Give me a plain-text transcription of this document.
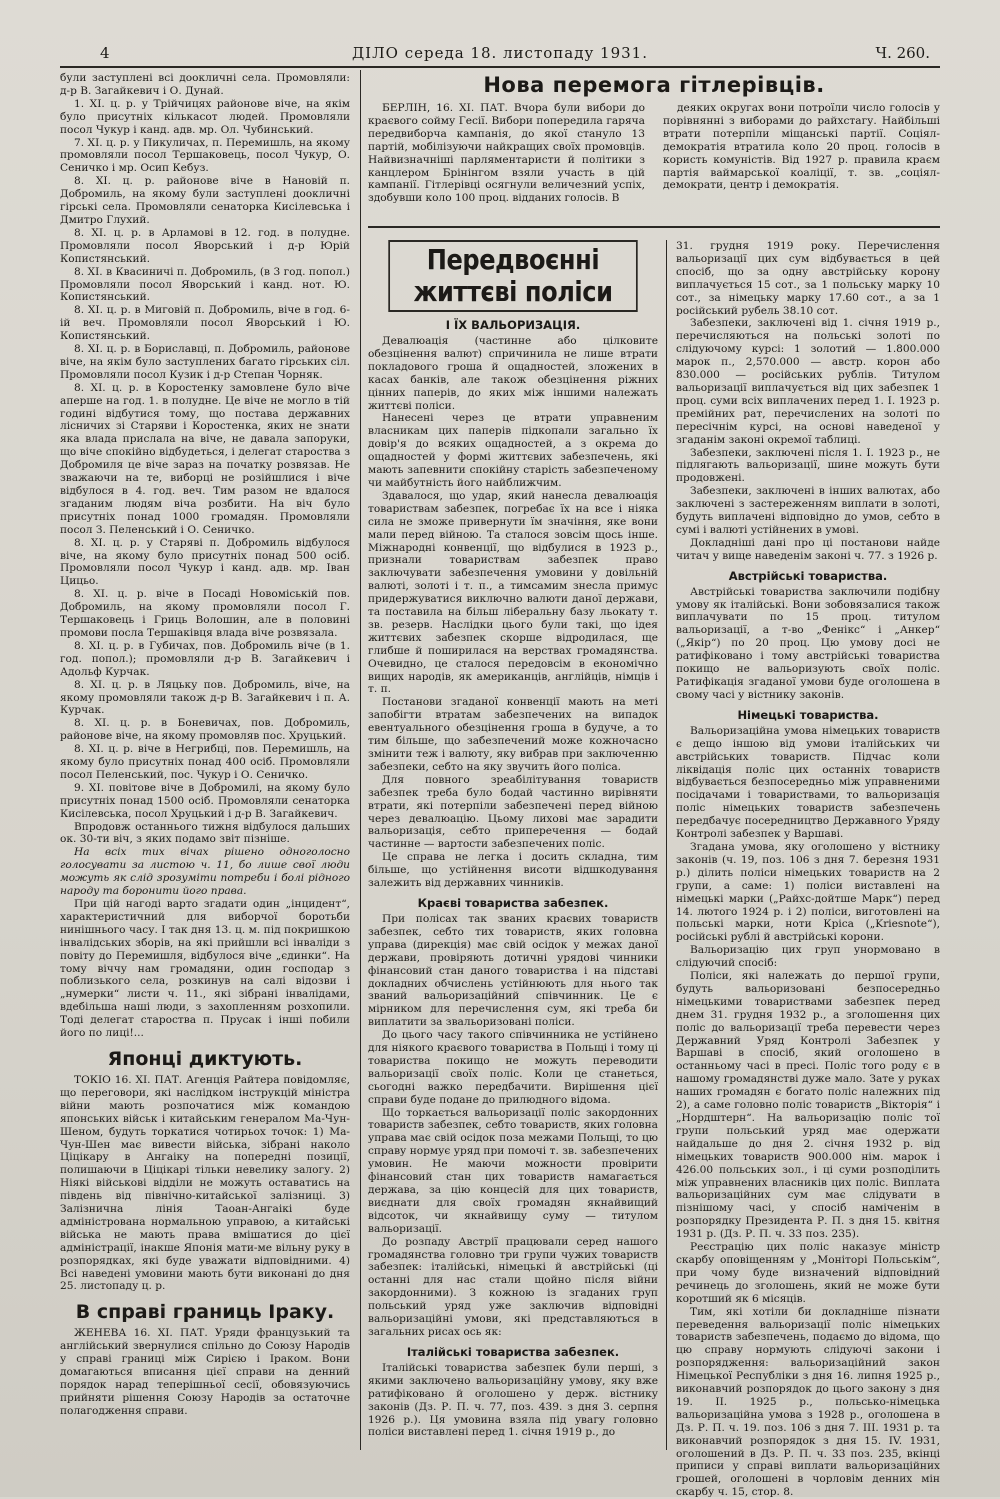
4	ДІЛО середа 18. листопаду 1931.	Ч. 260.

були заступлені всі доокличні села. Промовляли: д-р В. Загайкевич і О. Дунай.

1. XI. ц. р. у Трійчицях районове віче, на якім було присутніх кількасот людей. Промовляли посол Чукур і канд. адв. мр. Ол. Чубинський.

7. XI. ц. р. у Пикуличах, п. Перемишль, на якому промовляли посол Тершаковець, посол Чукур, О. Сеничко і мр. Осип Кебуз.

8. XI. ц. р. районове віче в Нановій п. Добромиль, на якому були заступлені доокличні гірські села. Промовляли сенаторка Кисілевська і Дмитро Глухий.

8. XI. ц. р. в Арламові в 12. год. в полудне. Промовляли посол Яворський і д-р Юрій Копистянський.

8. XI. в Квасиничі п. Добромиль, (в 3 год. попол.) Промовляли посол Яворський і канд. нот. Ю. Копистянський.

8. XI. ц. р. в Миговій п. Добромиль, віче в год. 6-ій веч. Промовляли посол Яворський і Ю. Копистянський.

8. XI. ц. р. в Бориславці, п. Добромиль, районове віче, на якім було заступлених багато гірських сіл. Промовляли посол Кузик і д-р Степан Чорняк.

8. XI. ц. р. в Коростенку замовлене було віче аперше на год. 1. в полудне. Це віче не могло в тій годині відбутися тому, що постава державних лісничих зі Старяви і Коростенка, яких не знати яка влада прислала на віче, не давала запоруки, що віче спокійно відбудеться, і делегат староства з Добромиля це віче зараз на початку розвязав. Не зважаючи на те, виборці не розійшлися і віче відбулося в 4. год. веч. Тим разом не вдалося згаданим людям віча розбити. На віч було присутніх понад 1000 громадян. Промовляли посол З. Пеленський і О. Сеничко.

8. XI. ц. р. у Старяві п. Добромиль відбулося віче, на якому було присутніх понад 500 осіб. Промовляли посол Чукур і канд. адв. мр. Іван Цицьо.

8. XI. ц. р. віче в Посаді Новоміській пов. Добромиль, на якому промовляли посол Г. Тершаковець і Гриць Волошин, але в половині промови посла Тершаківця влада віче розвязала.

8. XI. ц. р. в Губичах, пов. Добромиль віче (в 1. год. попол.); промовляли д-р В. Загайкевич і Адольф Курчак.

8. XI. ц. р. в Ляцьку пов. Добромиль, віче, на якому промовляли також д-р В. Загайкевич і п. А. Курчак.

8. XI. ц. р. в Боневичах, пов. Добромиль, районове віче, на якому промовляв пос. Хруцький.

8. XI. ц. р. віче в Негрибці, пов. Перемишль, на якому було присутніх понад 400 осіб. Промовляли посол Пеленський, пос. Чукур і О. Сеничко.

9. XI. повітове віче в Добромилі, на якому було присутніх понад 1500 осіб. Промовляли сенаторка Кисілевська, посол Хруцький і д-р В. Загайкевич.

Впродовж останнього тижня відбулося дальших ок. 30-ти віч, з яких подамо звіт пізніше.

На всіх тих вічах рішено одноголосно голосувати за листою ч. 11, бо лише свої люди можуть як слід зрозуміти потреби і болі рідного народу та боронити його права.

При цій нагоді варто згадати один „інцидент“, характеристичний для виборчої боротьби нинішнього часу. І так дня 13. ц. м. під покришкою інвалідських зборів, на які прийшли всі інваліди з повіту до Перемишля, відбулося віче „єдинки“. На тому віччу нам громадяни, один господар з поблизького села, розкинув на салі відозви і „нумерки“ листи ч. 11., які зібрані інвалідами, вдебільша наші люди, з захопленням розхопили. Тоді делегат староства п. Прусак і інші побили його по лиці!...

Японці диктують.

ТОКІО 16. XI. ПАТ. Агенція Райтера повідомляє, що переговори, які наслідком інструкцій міністра війни мають розпочатися між командою японських військ і китайським генералом Ма-Чун-Шеном, будуть торкатися чотирьох точок: 1) Ма-Чун-Шен має вивести війська, зібрані наколо Ціцікару в Ангаіку на попередні позиції, полишаючи в Ціцікарі тільки невелику залогу. 2) Ніякі військові відділи не можуть оставатись на південь від північно-китайської залізниці. 3) Залізнична лінія Таоан-Ангаікі буде адміністрована нормальною управою, а китайські війська не мають права вмішатися до цієї адміністрації, інакше Японія мати-ме вільну руку в розпорядках, які буде уважати відповідними. 4) Всі наведені умовини мають бути виконані до дня 25. листопаду ц. р.

В справі границь Іраку.

ЖЕНЕВА 16. XI. ПАТ. Уряди французький та англійський звернулися спільно до Союзу Народів у справі границі між Сирією і Іраком. Вони домагаються вписання цієї справи на денний порядок нарад теперішньої сесії, обовязуючись прийняти рішення Союзу Народів за остаточне полагодження справи.

Нова перемога гітлерівців.

БЕРЛІН, 16. XI. ПАТ. Вчора були вибори до краєвого сойму Гесії. Вибори попередила гаряча передвиборча кампанія, до якої стануло 13 партій, мобілізуючи найкращих своїх промовців. Найвизначніші парляментаристи й політики з канцлером Брінінгом взяли участь в цій кампанії. Гітлерівці осягнули величезний успіх, здобувши коло 100 проц. відданих голосів. В

деяких округах вони потроїли число голосів у порівнянні з виборами до райхстагу. Найбільші втрати потерпіли міщанські партії. Соціял-демократія втратила коло 20 проц. голосів в користь комуністів. Від 1927 р. правила краєм партія ваймарської коаліції, т. зв. „соціял-демократи, центр і демократія.

Передвоєнні життєві поліси
І ЇХ ВАЛЬОРИЗАЦІЯ.

Девалюація (частинне або цілковите обезцінення валют) спричинила не лише втрати покладового гроша й ощадностей, зложених в касах банків, але також обезцінення ріжних цінних паперів, до яких між іншими належать життєві поліси.

Нанесені через це втрати управненим власникам цих паперів підкопали загально їх довір'я до всяких ощадностей, а з окрема до ощадностей у формі життєвих забезпечень, які мають запевнити спокійну старість забезпеченому чи майбутність його найближчим.

Здавалося, що удар, який нанесла девалюація товариствам забезпек, погребає їх на все і ніяка сила не зможе привернути їм значіння, яке вони мали перед війною. Та сталося зовсім щось інше. Міжнародні конвенції, що відбулися в 1923 р., признали товариствам забезпек право заключувати забезпечення умовини у довільній валюті, золоті і т. п., а тимсамим знесла примус придержуватися виключно валюти даної держави, та поставила на більш ліберальну базу льокату т. зв. резерв. Наслідки цього були такі, що ідея життєвих забезпек скорше відродилася, ще глибше й поширилася на верствах громадянства. Очевидно, це сталося передовсім в економічно вищих народів, як американців, англійців, німців і т. п.

Постанови згаданої конвенції мають на меті запобігти втратам забезпечених на випадок евентуального обезцінення гроша в будуче, а то тим більше, що забезпечений може кожночасно змінити теж і валюту, яку вибрав при заключенню забезпеки, себто на яку звучить його поліса.

Для повного зреабілітування товариств забезпек треба було бодай частинно вирівняти втрати, які потерпіли забезпечені перед війною через девалюацію. Цьому лихові має зарадити вальоризація, себто приперечення — бодай частинне — вартости забезпечених поліс.

Це справа не легка і досить складна, тим більше, що устійнення висоти відшкодування залежить від державних чинників.

Краєві товариства забезпек.

При полісах так званих краєвих товариств забезпек, себто тих товариств, яких головна управа (дирекція) має свій осідок у межах даної держави, провіряють дотичні урядові чинники фінансовий стан даного товариства і на підставі докладних обчислень устійнюють для нього так званий вальоризаційний співчинник. Це є мірником для перечислення сум, які треба би виплатити за звальоризовані поліси.

До цього часу такого співчинника не устійнено для ніякого краєвого товариства в Польщі і тому ці товариства покищо не можуть переводити вальоризації своїх поліс. Коли це станеться, сьогодні важко передбачити. Вирішення цієї справи буде подане до прилюдного відома.

Що торкається вальоризації поліс закордонних товариств забезпек, себто товариств, яких головна управа має свій осідок поза межами Польщі, то цю справу нормує уряд при помочі т. зв. забезпечених умовин. Не маючи можности провірити фінансовий стан цих товариств намагається держава, за цію концесій для цих товариств, виєднати для своїх громадян якнайвищий відсоток, чи якнайвищу суму — титулом вальоризації.

До розпаду Австрії працювали серед нашого громадянства головно три групи чужих товариств забезпек: італійські, німецькі й австрійські (ці останні для нас стали щойно після війни закордонними). З кожною із згаданих груп польський уряд уже заключив відповідні вальоризаційні умови, які представляються в загальних рисах ось як:

Італійські товариства забезпек.

Італійські товариства забезпек були перші, з якими заключено вальоризаційну умову, яку вже ратифіковано й оголошено у держ. вістнику законів (Дз. Р. П. ч. 77, поз. 439. з дня 3. серпня 1926 р.). Ця умовина взяла під увагу головно поліси виставлені перед 1. січня 1919 р., до

31. грудня 1919 року. Перечислення вальоризації цих сум відбувається в цей спосіб, що за одну австрійську корону виплачується 15 сот., за 1 польську марку 10 сот., за німецьку марку 17.60 сот., а за 1 російський рубель 38.10 сот.

Забезпеки, заключені від 1. січня 1919 р., перечисляються на польські золоті по слідуючому курсі: 1 золотий — 1.800.000 марок п., 2,570.000 — австр. корон або 830.000 — російських рублів. Титулом вальоризації виплачується від цих забезпек 1 проц. суми всіх виплачених перед 1. I. 1923 р. премійних рат, перечислених на золоті по пересічнім курсі, на основі наведеної у згаданім законі окремої таблиці.

Забезпеки, заключені після 1. I. 1923 р., не підлягають вальоризації, шине можуть бути продовжені.

Забезпеки, заключені в інших валютах, або заключені з застереженням виплати в золоті, будуть виплачені відповідно до умов, себто в сумі і валюті устійнених в умові.

Докладніші дані про ці постанови найде читач у вище наведенім законі ч. 77. з 1926 р.

Австрійські товариства.

Австрійські товариства заключили подібну умову як італійські. Вони зобовязалися також виплачувати по 15 проц. титулом вальоризації, а т-во „Фенікс“ і „Анкер“ („Якір“) по 20 проц. Цю умову досі не ратифіковано і тому австрійські товариства покищо не вальоризують своїх поліс. Ратифікація згаданої умови буде оголошена в свому часі у вістнику законів.

Німецькі товариства.

Вальоризаційна умова німецьких товариств є дещо іншою від умови італійських чи австрійських товариств. Підчас коли ліквідація поліс цих останніх товариств відбувається безпосередньо між управненими посідачами і товариствами, то вальоризація поліс німецьких товариств забезпечень передбачує посередництво Державного Уряду Контролі забезпек у Варшаві.

Згадана умова, яку оголошено у вістнику законів (ч. 19, поз. 106 з дня 7. березня 1931 р.) ділить поліси німецьких товариств на 2 групи, а саме: 1) поліси виставлені на німецькі марки („Райхс-дойтше Марк“) перед 14. лютого 1924 р. і 2) поліси, виготовлені на польські марки, ноти Кріса („Kriesnote“), російські рублі й австрійські корони.

Вальоризацію цих груп унормовано в слідуючий спосіб:

Поліси, які належать до першої групи, будуть вальоризовані безпосередньо німецькими товариствами забезпек перед днем 31. грудня 1932 р., а зголошення цих поліс до вальоризації треба перевести через Державний Уряд Контролі Забезпек у Варшаві в спосіб, який оголошено в останньому часі в пресі. Поліс того роду є в нашому громадянстві дуже мало. Зате у руках наших громадян є богато поліс належних під 2), а саме головно поліс товариств „Вікторія“ і „Нордштерн“. На вальоризацію поліс тої групи польський уряд має одержати найдальше до дня 2. січня 1932 р. від німецьких товариств 900.000 нім. марок і 426.00 польських зол., і ці суми розподілить між управнених власників цих поліс. Виплата вальоризаційних сум має слідувати в пізнішому часі, у спосіб наміченім в розпорядку Президента Р. П. з дня 15. квітня 1931 р. (Дз. Р. П. ч. 33 поз. 235).

Реєстрацію цих поліс наказує міністр скарбу оповіщенням у „Моніторі Польськім“, при чому буде визначений відповідний речинець до зголошень, який не може бути коротший як 6 місяців.

Тим, які хотіли би докладніше пізнати переведення вальоризації поліс німецьких товариств забезпечень, подаємо до відома, що цю справу нормують слідуючі закони і розпорядження: вальоризаційний закон Німецької Республіки з дня 16. липня 1925 р., виконавчий розпорядок до цього закону з дня 19. II. 1925 р., польсько-німецька вальоризаційна умова з 1928 р., оголошена в Дз. Р. П. ч. 19. поз. 106 з дня 7. III. 1931 р. та виконавчий розпорядок з дня 15. IV. 1931, оголошений в Дз. Р. П. ч. 33 поз. 235, вкінці приписи у справі виплати вальоризаційних грошей, оголошені в чорловім денних мін скарбу ч. 15, стор. 8.
